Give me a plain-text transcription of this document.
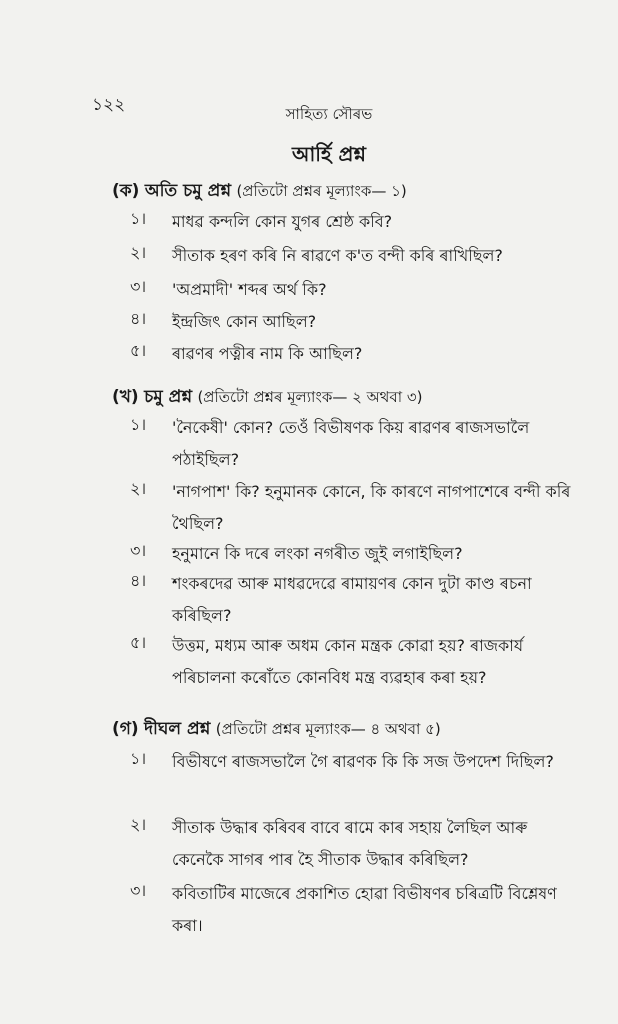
১২২	সাহিত্য সৌৰভ
আৰ্হি প্ৰশ্ন
(ক) অতি চমু প্ৰশ্ন (প্ৰতিটো প্ৰশ্নৰ মূল্যাংক— ১)
১।	মাধৱ কন্দলি কোন যুগৰ শ্ৰেষ্ঠ কবি?
২।	সীতাক হৰণ কৰি নি ৰাৱণে ক'ত বন্দী কৰি ৰাখিছিল?
৩।	'অপ্ৰমাদী' শব্দৰ অৰ্থ কি?
৪।	ইন্দ্ৰজিৎ কোন আছিল?
৫।	ৰাৱণৰ পত্নীৰ নাম কি আছিল?
(খ) চমু প্ৰশ্ন (প্ৰতিটো প্ৰশ্নৰ মূল্যাংক— ২ অথবা ৩)
১।	'নৈকেষী' কোন? তেওঁ বিভীষণক কিয় ৰাৱণৰ ৰাজসভালৈ পঠাইছিল?
২।	'নাগপাশ' কি? হনুমানক কোনে, কি কাৰণে নাগপাশেৰে বন্দী কৰি থৈছিল?
৩।	হনুমানে কি দৰে লংকা নগৰীত জুই লগাইছিল?
৪।	শংকৰদেৱ আৰু মাধৱদেৱে ৰামায়ণৰ কোন দুটা কাণ্ড ৰচনা কৰিছিল?
৫।	উত্তম, মধ্যম আৰু অধম কোন মন্ত্ৰক কোৱা হয়? ৰাজকাৰ্য পৰিচালনা কৰোঁতে কোনবিধ মন্ত্ৰ ব্যৱহাৰ কৰা হয়?
(গ) দীঘল প্ৰশ্ন (প্ৰতিটো প্ৰশ্নৰ মূল্যাংক— ৪ অথবা ৫)
১।	বিভীষণে ৰাজসভালৈ গৈ ৰাৱণক কি কি সজ উপদেশ দিছিল?
২।	সীতাক উদ্ধাৰ কৰিবৰ বাবে ৰামে কাৰ সহায় লৈছিল আৰু কেনেকৈ সাগৰ পাৰ হৈ সীতাক উদ্ধাৰ কৰিছিল?
৩।	কবিতাটিৰ মাজেৰে প্ৰকাশিত হোৱা বিভীষণৰ চৰিত্ৰটি বিশ্লেষণ কৰা।
